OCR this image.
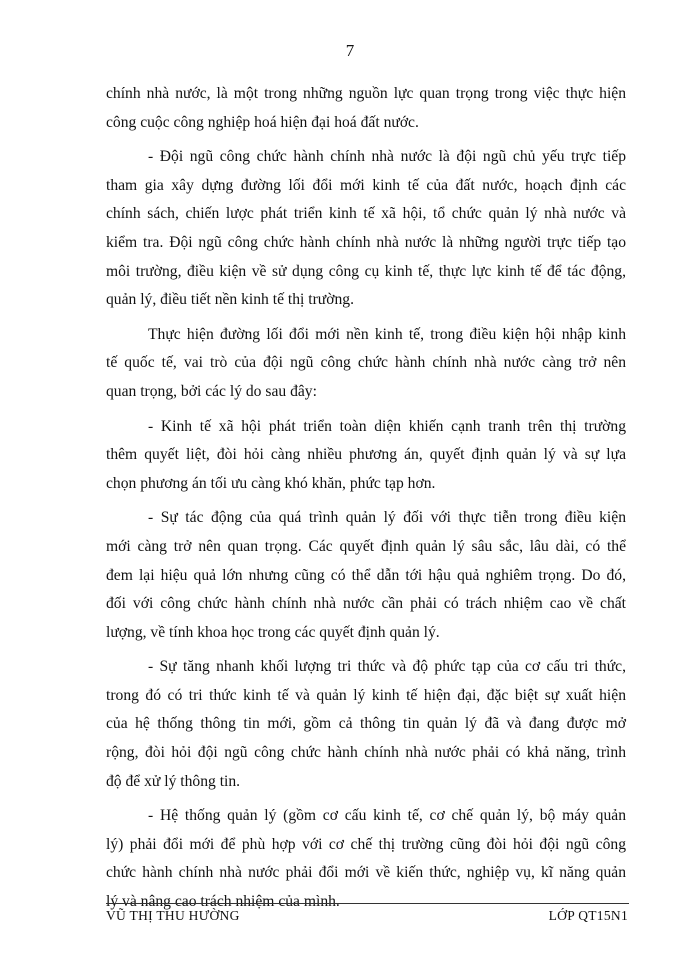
7
chính nhà nước, là một trong những nguồn lực quan trọng trong việc thực hiện
công cuộc công nghiệp hoá hiện đại hoá đất nước.
- Đội ngũ công chức hành chính nhà nước là đội ngũ chủ yếu trực tiếp
tham gia xây dựng đường lối đổi mới kinh tế của đất nước, hoạch định các
chính sách, chiến lược phát triển kinh tế xã hội, tổ chức quản lý nhà nước và
kiểm tra. Đội ngũ công chức hành chính nhà nước là những người trực tiếp tạo
môi trường, điều kiện về sử dụng công cụ kinh tế, thực lực kinh tế để tác động,
quản lý, điều tiết nền kinh tế thị trường.
Thực hiện đường lối đổi mới nền kinh tế, trong điều kiện hội nhập kinh
tế quốc tế, vai trò của đội ngũ công chức hành chính nhà nước càng trở nên
quan trọng, bởi các lý do sau đây:
- Kinh tế xã hội phát triển toàn diện khiến cạnh tranh trên thị trường
thêm quyết liệt, đòi hỏi càng nhiều phương án, quyết định quản lý và sự lựa
chọn phương án tối ưu càng khó khăn, phức tạp hơn.
- Sự tác động của quá trình quản lý đối với thực tiễn trong điều kiện
mới càng trở nên quan trọng. Các quyết định quản lý sâu sắc, lâu dài, có thể
đem lại hiệu quả lớn nhưng cũng có thể dẫn tới hậu quả nghiêm trọng. Do đó,
đối với công chức hành chính nhà nước cần phải có trách nhiệm cao về chất
lượng, về tính khoa học trong các quyết định quản lý.
- Sự tăng nhanh khối lượng tri thức và độ phức tạp của cơ cấu tri thức,
trong đó có tri thức kinh tế và quản lý kinh tế hiện đại, đặc biệt sự xuất hiện
của hệ thống thông tin mới, gồm cả thông tin quản lý đã và đang được mở
rộng, đòi hỏi đội ngũ công chức hành chính nhà nước phải có khả năng, trình
độ để xử lý thông tin.
- Hệ thống quản lý (gồm cơ cấu kinh tế, cơ chế quản lý, bộ máy quản
lý) phải đổi mới để phù hợp với cơ chế thị trường cũng đòi hỏi đội ngũ công
chức hành chính nhà nước phải đổi mới về kiến thức, nghiệp vụ, kĩ năng quản
lý và nâng cao trách nhiệm của mình.
VŨ THỊ THU HƯỜNG	LỚP QT15N1
